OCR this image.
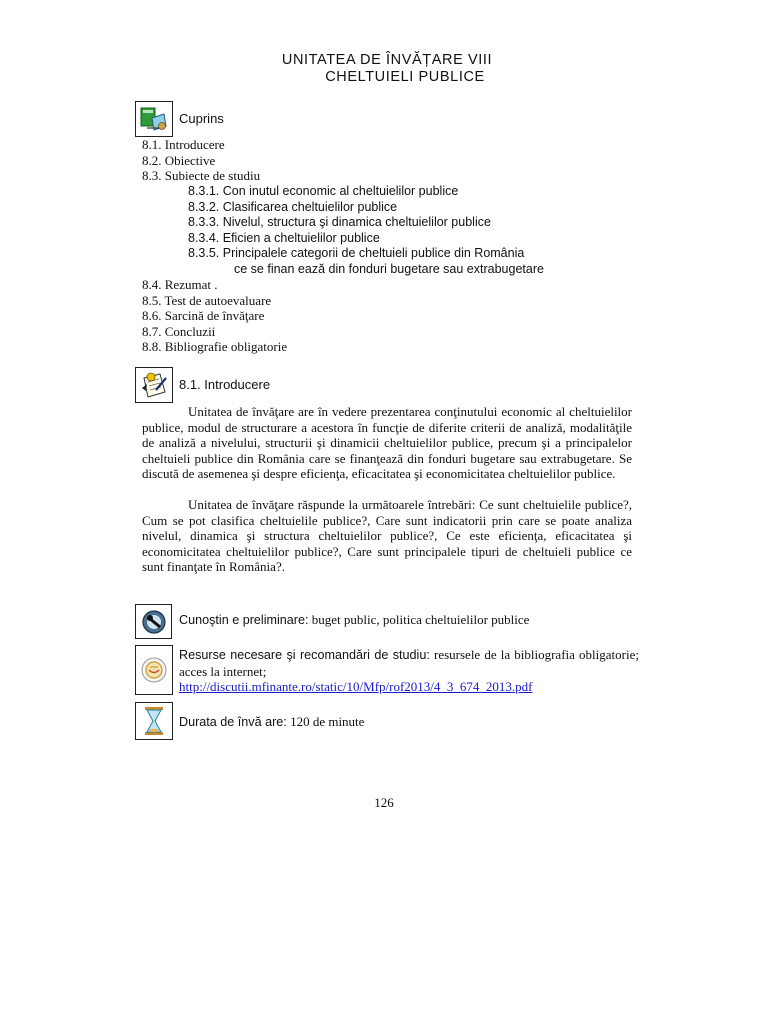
UNITATEA DE ÎNVĂȚARE VIII
CHELTUIELI PUBLICE
Cuprins
8.1. Introducere
8.2. Obiective
8.3. Subiecte de studiu
8.3.1. Con inutul economic al cheltuielilor publice
8.3.2. Clasificarea cheltuielilor publice
8.3.3. Nivelul, structura şi dinamica cheltuielilor publice
8.3.4. Eficien a cheltuielilor publice
8.3.5. Principalele categorii de cheltuieli publice din România
ce se finan ează din fonduri bugetare sau extrabugetare
8.4. Rezumat .
8.5. Test de autoevaluare
8.6. Sarcină de învăţare
8.7. Concluzii
8.8. Bibliografie obligatorie
8.1. Introducere
Unitatea de învăţare are în vedere prezentarea conţinutului economic al cheltuielilor publice, modul de structurare a acestora în funcţie de diferite criterii de analiză, modalităţile de analiză a nivelului, structurii şi dinamicii cheltuielilor publice, precum şi a principalelor cheltuieli publice din România care se finanţează din fonduri bugetare sau extrabugetare. Se discută de asemenea şi despre eficienţa, eficacitatea şi economicitatea cheltuielilor publice.
Unitatea de învăţare răspunde la următoarele întrebări: Ce sunt cheltuielile publice?, Cum se pot clasifica cheltuielile publice?, Care sunt indicatorii prin care se poate analiza nivelul, dinamica şi structura cheltuielilor publice?, Ce este eficienţa, eficacitatea şi economicitatea cheltuielilor publice?, Care sunt principalele tipuri de cheltuieli publice ce sunt finanţate în România?.
Cunoştin e preliminare: buget public, politica cheltuielilor publice
Resurse necesare şi recomandări de studiu: resursele de la bibliografia obligatorie; acces la internet;
http://discutii.mfinante.ro/static/10/Mfp/rof2013/4_3_674_2013.pdf
Durata de învă are: 120 de minute
126
